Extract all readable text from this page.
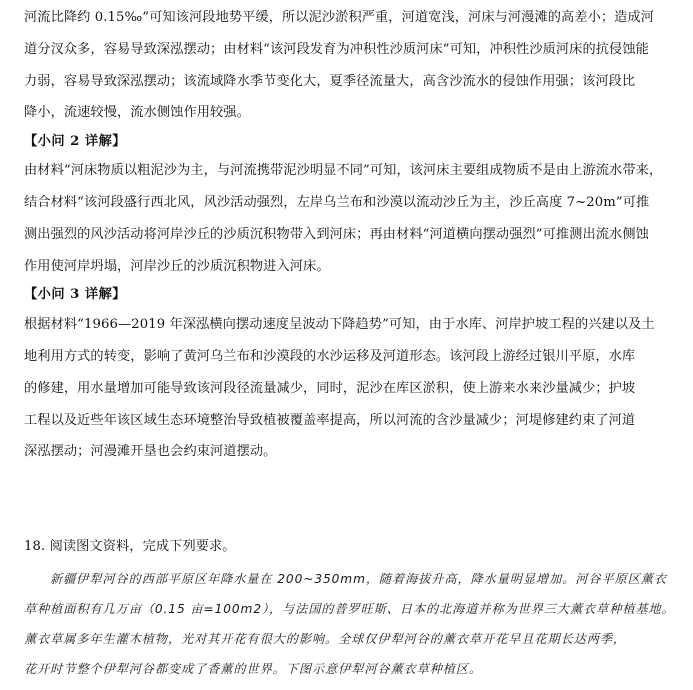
河流比降约 0.15‰”可知该河段地势平缓，所以泥沙淤积严重，河道宽浅，河床与河漫滩的高差小；造成河
道分汊众多，容易导致深泓摆动；由材料“该河段发育为冲积性沙质河床”可知，冲积性沙质河床的抗侵蚀能
力弱，容易导致深泓摆动；该流域降水季节变化大，夏季径流量大，高含沙流水的侵蚀作用强；该河段比
降小，流速较慢，流水侧蚀作用较强。
【小问 2 详解】
由材料“河床物质以粗泥沙为主，与河流携带泥沙明显不同”可知，该河床主要组成物质不是由上游流水带来，
结合材料“该河段盛行西北风，风沙活动强烈，左岸乌兰布和沙漠以流动沙丘为主，沙丘高度 7~20m”可推
测出强烈的风沙活动将河岸沙丘的沙质沉积物带入到河床；再由材料“河道横向摆动强烈”可推测出流水侧蚀
作用使河岸坍塌，河岸沙丘的沙质沉积物进入河床。
【小问 3 详解】
根据材料“1966—2019 年深泓横向摆动速度呈波动下降趋势”可知，由于水库、河岸护坡工程的兴建以及土
地利用方式的转变，影响了黄河乌兰布和沙漠段的水沙运移及河道形态。该河段上游经过银川平原，水库
的修建，用水量增加可能导致该河段径流量减少，同时，泥沙在库区淤积，使上游来水来沙量减少；护坡
工程以及近些年该区域生态环境整治导致植被覆盖率提高，所以河流的含沙量减少；河堤修建约束了河道
深泓摆动；河漫滩开垦也会约束河道摆动。
18. 阅读图文资料，完成下列要求。
新疆伊犁河谷的西部平原区年降水量在 200~350mm，随着海拔升高，降水量明显增加。河谷平原区薰衣
草种植面积有几万亩（0.15 亩=100m2），与法国的普罗旺斯、日本的北海道并称为世界三大薰衣草种植基地。
薰衣草属多年生灌木植物，光对其开花有很大的影响。全球仅伊犁河谷的薰衣草开花早且花期长达两季，
花开时节整个伊犁河谷都变成了香薰的世界。下图示意伊犁河谷薰衣草种植区。
